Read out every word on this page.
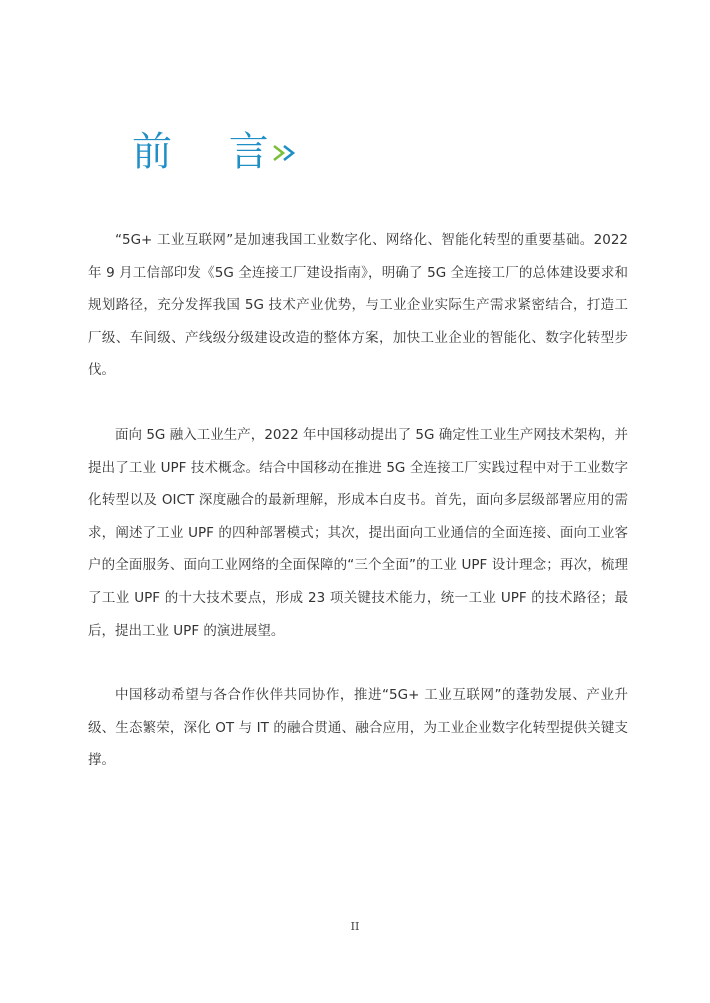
前 言

“5G+ 工业互联网”是加速我国工业数字化、网络化、智能化转型的重要基础。2022 年 9 月工信部印发《5G 全连接工厂建设指南》，明确了 5G 全连接工厂的总体建设要求和规划路径，充分发挥我国 5G 技术产业优势，与工业企业实际生产需求紧密结合，打造工厂级、车间级、产线级分级建设改造的整体方案，加快工业企业的智能化、数字化转型步伐。

面向 5G 融入工业生产，2022 年中国移动提出了 5G 确定性工业生产网技术架构，并提出了工业 UPF 技术概念。结合中国移动在推进 5G 全连接工厂实践过程中对于工业数字化转型以及 OICT 深度融合的最新理解，形成本白皮书。首先，面向多层级部署应用的需求，阐述了工业 UPF 的四种部署模式；其次，提出面向工业通信的全面连接、面向工业客户的全面服务、面向工业网络的全面保障的“三个全面”的工业 UPF 设计理念；再次，梳理了工业 UPF 的十大技术要点，形成 23 项关键技术能力，统一工业 UPF 的技术路径；最后，提出工业 UPF 的演进展望。

中国移动希望与各合作伙伴共同协作，推进“5G+ 工业互联网”的蓬勃发展、产业升级、生态繁荣，深化 OT 与 IT 的融合贯通、融合应用，为工业企业数字化转型提供关键支撑。

II
